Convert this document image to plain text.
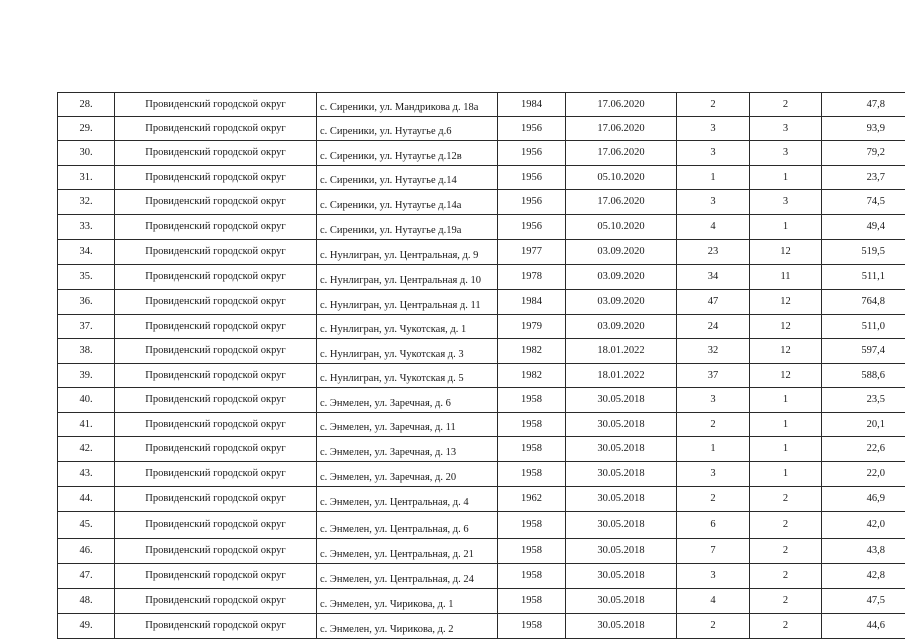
28.	Провиденский городской округ	с. Сиреники, ул. Мандрикова д. 18а	1984	17.06.2020	2	2	47,8
29.	Провиденский городской округ	с. Сиреники, ул. Нутаугье д.6	1956	17.06.2020	3	3	93,9
30.	Провиденский городской округ	с. Сиреники, ул. Нутаугье д.12в	1956	17.06.2020	3	3	79,2
31.	Провиденский городской округ	с. Сиреники, ул. Нутаугье д.14	1956	05.10.2020	1	1	23,7
32.	Провиденский городской округ	с. Сиреники, ул. Нутаугье д.14а	1956	17.06.2020	3	3	74,5
33.	Провиденский городской округ	с. Сиреники, ул. Нутаугье д.19а	1956	05.10.2020	4	1	49,4
34.	Провиденский городской округ	с. Нунлигран, ул. Центральная, д. 9	1977	03.09.2020	23	12	519,5
35.	Провиденский городской округ	с. Нунлигран, ул. Центральная д. 10	1978	03.09.2020	34	11	511,1
36.	Провиденский городской округ	с. Нунлигран, ул. Центральная д. 11	1984	03.09.2020	47	12	764,8
37.	Провиденский городской округ	с. Нунлигран, ул. Чукотская, д. 1	1979	03.09.2020	24	12	511,0
38.	Провиденский городской округ	с. Нунлигран, ул. Чукотская д. 3	1982	18.01.2022	32	12	597,4
39.	Провиденский городской округ	с. Нунлигран, ул. Чукотская д. 5	1982	18.01.2022	37	12	588,6
40.	Провиденский городской округ	с. Энмелен, ул. Заречная, д. 6	1958	30.05.2018	3	1	23,5
41.	Провиденский городской округ	с. Энмелен, ул. Заречная, д. 11	1958	30.05.2018	2	1	20,1
42.	Провиденский городской округ	с. Энмелен, ул. Заречная, д. 13	1958	30.05.2018	1	1	22,6
43.	Провиденский городской округ	с. Энмелен, ул. Заречная, д. 20	1958	30.05.2018	3	1	22,0
44.	Провиденский городской округ	с. Энмелен, ул. Центральная, д. 4	1962	30.05.2018	2	2	46,9
45.	Провиденский городской округ	с. Энмелен, ул. Центральная, д. 6	1958	30.05.2018	6	2	42,0
46.	Провиденский городской округ	с. Энмелен, ул. Центральная, д. 21	1958	30.05.2018	7	2	43,8
47.	Провиденский городской округ	с. Энмелен, ул. Центральная, д. 24	1958	30.05.2018	3	2	42,8
48.	Провиденский городской округ	с. Энмелен, ул. Чирикова, д. 1	1958	30.05.2018	4	2	47,5
49.	Провиденский городской округ	с. Энмелен, ул. Чирикова, д. 2	1958	30.05.2018	2	2	44,6
